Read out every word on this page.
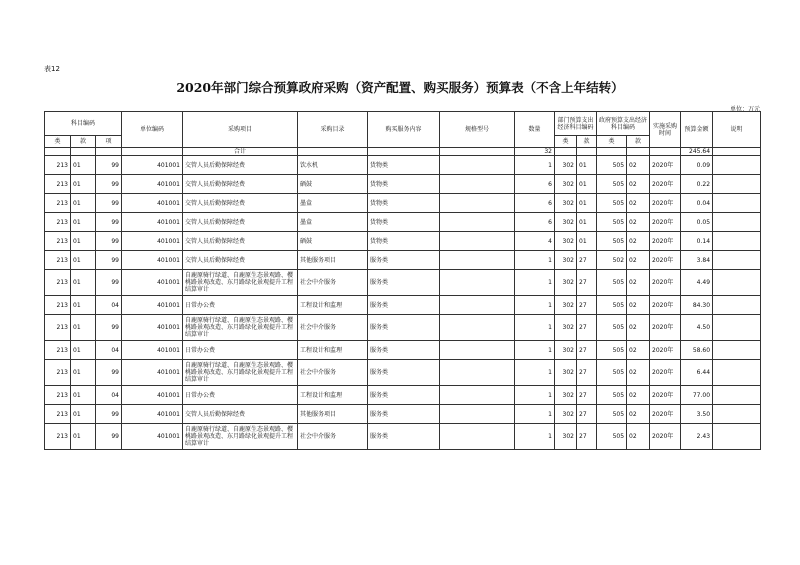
表12
2020年部门综合预算政府采购（资产配置、购买服务）预算表（不含上年结转）
单位：万元
科目编码			单位编码	采购项目	采购目录	购买服务内容	规格型号	数量	部门预算支出经济科目编码		政府预算支出经济科目编码		实施采购时间	预算金额	说明
类	款	项							类	款	类	款			
				合计				32						245.64	
213	01	99	401001	交管人员后勤保障经费	饮水机	货物类		1	302	01	505	02	2020年	0.09	
213	01	99	401001	交管人员后勤保障经费	硒鼓	货物类		6	302	01	505	02	2020年	0.22	
213	01	99	401001	交管人员后勤保障经费	墨盒	货物类		6	302	01	505	02	2020年	0.04	
213	01	99	401001	交管人员后勤保障经费	墨盒	货物类		6	302	01	505	02	2020年	0.05	
213	01	99	401001	交管人员后勤保障经费	硒鼓	货物类		4	302	01	505	02	2020年	0.14	
213	01	99	401001	交管人员后勤保障经费	其他服务项目	服务类		1	302	27	502	02	2020年	3.84	
213	01	99	401001	自鹿原骑行绿道、自鹿原生态景观路、樱桃路景观改造、东月路绿化景观提升工程结算审计	社会中介服务	服务类		1	302	27	505	02	2020年	4.49	
213	01	04	401001	日常办公费	工程设计和监理	服务类		1	302	27	505	02	2020年	84.30	
213	01	99	401001	自鹿原骑行绿道、自鹿原生态景观路、樱桃路景观改造、东月路绿化景观提升工程结算审计	社会中介服务	服务类		1	302	27	505	02	2020年	4.50	
213	01	04	401001	日常办公费	工程设计和监理	服务类		1	302	27	505	02	2020年	58.60	
213	01	99	401001	自鹿原骑行绿道、自鹿原生态景观路、樱桃路景观改造、东月路绿化景观提升工程结算审计	社会中介服务	服务类		1	302	27	505	02	2020年	6.44	
213	01	04	401001	日常办公费	工程设计和监理	服务类		1	302	27	505	02	2020年	77.00	
213	01	99	401001	交管人员后勤保障经费	其他服务项目	服务类		1	302	27	505	02	2020年	3.50	
213	01	99	401001	自鹿原骑行绿道、自鹿原生态景观路、樱桃路景观改造、东月路绿化景观提升工程结算审计	社会中介服务	服务类		1	302	27	505	02	2020年	2.43	
